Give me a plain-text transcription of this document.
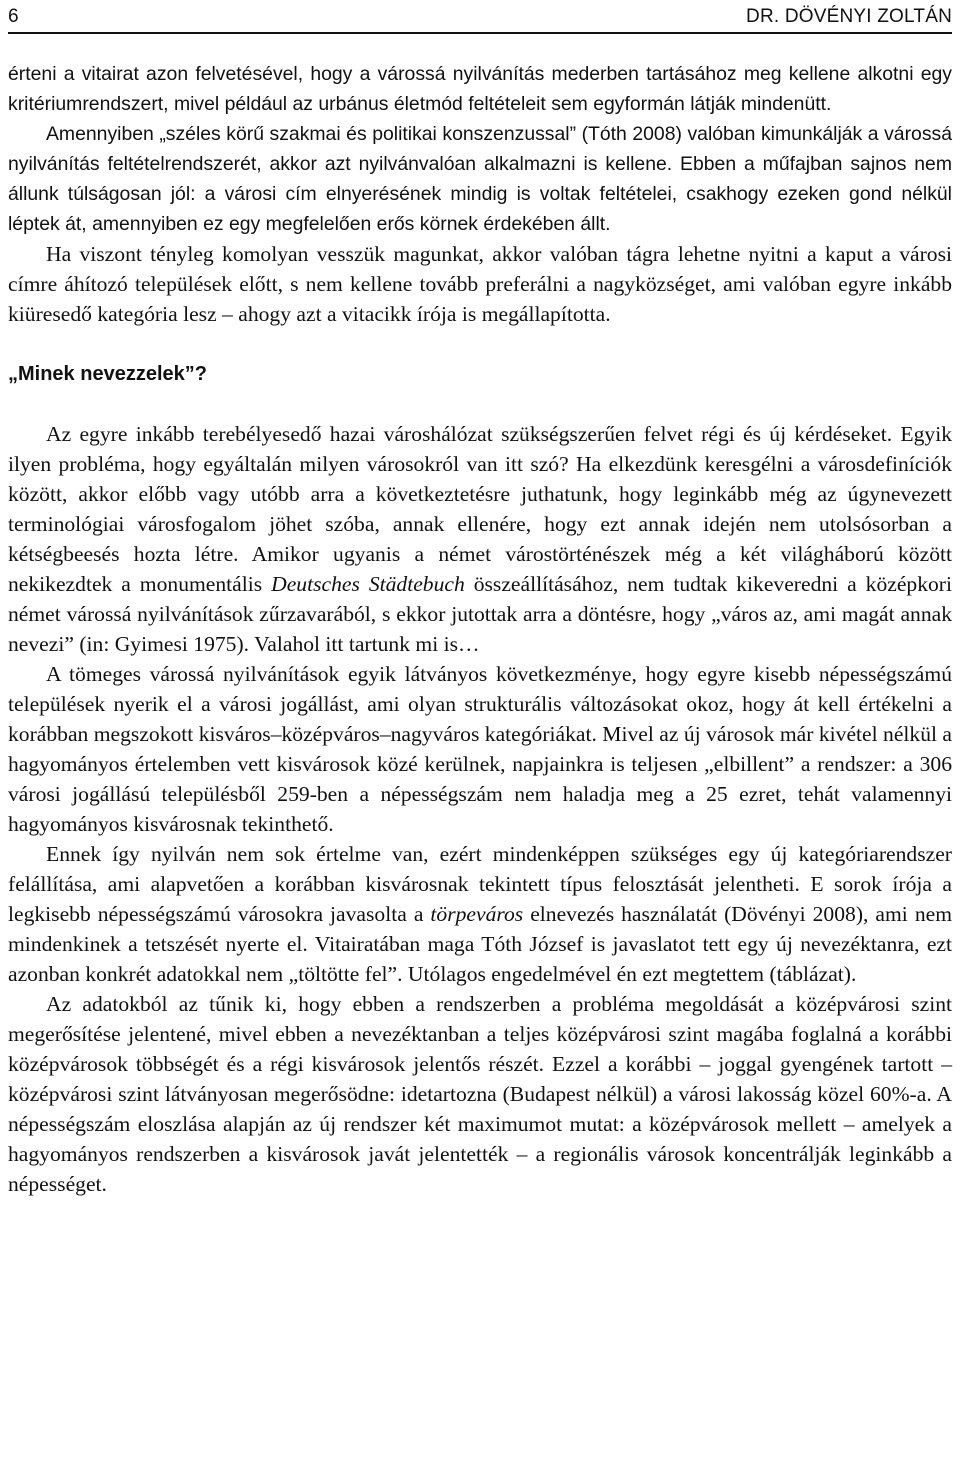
6	DR. DÖVÉNYI ZOLTÁN

érteni a vitairat azon felvetésével, hogy a várossá nyilvánítás mederben tartásához meg kellene alkotni egy kritériumrendszert, mivel például az urbánus életmód feltételeit sem egyformán látják mindenütt.

Amennyiben „széles körű szakmai és politikai konszenzussal” (Tóth 2008) valóban kimunkálják a várossá nyilvánítás feltételrendszerét, akkor azt nyilvánvalóan alkalmazni is kellene. Ebben a műfajban sajnos nem állunk túlságosan jól: a városi cím elnyerésének mindig is voltak feltételei, csakhogy ezeken gond nélkül léptek át, amennyiben ez egy megfelelően erős körnek érdekében állt.

Ha viszont tényleg komolyan vesszük magunkat, akkor valóban tágra lehetne nyitni a kaput a városi címre áhítozó települések előtt, s nem kellene tovább preferálni a nagyközséget, ami valóban egyre inkább kiüresedő kategória lesz – ahogy azt a vitacikk írója is megállapította.

„Minek nevezzelek”?

Az egyre inkább terebélyesedő hazai városhálózat szükségszerűen felvet régi és új kérdéseket. Egyik ilyen probléma, hogy egyáltalán milyen városokról van itt szó? Ha elkezdünk keresgélni a városdefiníciók között, akkor előbb vagy utóbb arra a következtetésre juthatunk, hogy leginkább még az úgynevezett terminológiai városfogalom jöhet szóba, annak ellenére, hogy ezt annak idején nem utolsósorban a kétségbeesés hozta létre. Amikor ugyanis a német várostörténészek még a két világháború között nekikezdtek a monumentális Deutsches Städtebuch összeállításához, nem tudtak kikeveredni a középkori német várossá nyilvánítások zűrzavarából, s ekkor jutottak arra a döntésre, hogy „város az, ami magát annak nevezi” (in: Gyimesi 1975). Valahol itt tartunk mi is…

A tömeges várossá nyilvánítások egyik látványos következménye, hogy egyre kisebb népességszámú települések nyerik el a városi jogállást, ami olyan strukturális változásokat okoz, hogy át kell értékelni a korábban megszokott kisváros–középváros–nagyváros kategóriákat. Mivel az új városok már kivétel nélkül a hagyományos értelemben vett kisvárosok közé kerülnek, napjainkra is teljesen „elbillent” a rendszer: a 306 városi jogállású településből 259-ben a népességszám nem haladja meg a 25 ezret, tehát valamennyi hagyományos kisvárosnak tekinthető.

Ennek így nyilván nem sok értelme van, ezért mindenképpen szükséges egy új kategóriarendszer felállítása, ami alapvetően a korábban kisvárosnak tekintett típus felosztását jelentheti. E sorok írója a legkisebb népességszámú városokra javasolta a törpeváros elnevezés használatát (Dövényi 2008), ami nem mindenkinek a tetszését nyerte el. Vitairatában maga Tóth József is javaslatot tett egy új nevezéktanra, ezt azonban konkrét adatokkal nem „töltötte fel”. Utólagos engedelmével én ezt megtettem (táblázat).

Az adatokból az tűnik ki, hogy ebben a rendszerben a probléma megoldását a középvárosi szint megerősítése jelentené, mivel ebben a nevezéktanban a teljes középvárosi szint magába foglalná a korábbi középvárosok többségét és a régi kisvárosok jelentős részét. Ezzel a korábbi – joggal gyengének tartott – középvárosi szint látványosan megerősödne: idetartozna (Budapest nélkül) a városi lakosság közel 60%-a. A népességszám eloszlása alapján az új rendszer két maximumot mutat: a középvárosok mellett – amelyek a hagyományos rendszerben a kisvárosok javát jelentették – a regionális városok koncentrálják leginkább a népességet.
